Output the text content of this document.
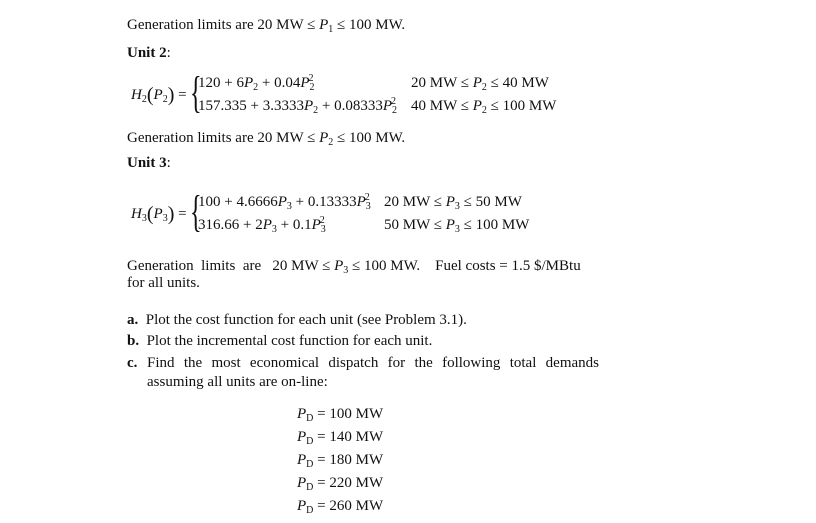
Generation limits are 20 MW ≤ $P_1 \le 100$ MW.
Unit 2:
$H_2(P_2)$ = {
$120 + 6P_2 + 0.04P_2^2$	20 MW ≤ $P_2 \le 40$ MW
$157.335 + 3.3333P_2 + 0.08333P_2^2$ 40 MW ≤ $P_2 \le 100$ MW
Generation limits are 20 MW ≤ $P_2 \le 100$ MW.
Unit 3:
$H_3(P_3)$ = {
$100 + 4.6666P_3 + 0.13333P_3^2$ 20 MW ≤ $P_3 \le 50$ MW
$316.66 + 2P_3 + 0.1P_3^2$	50 MW ≤ $P_3 \le 100$ MW
Generation limits are 20 MW ≤ $P_3 \le 100$ MW. Fuel costs = 1.5 $/MBtu
for all units.
a. Plot the cost function for each unit (see Problem 3.1).
b. Plot the incremental cost function for each unit.
c. Find the most economical dispatch for the following total demands
assuming all units are on-line:
$P_D = 100$ MW
$P_D = 140$ MW
$P_D = 180$ MW
$P_D = 220$ MW
$P_D = 260$ MW
